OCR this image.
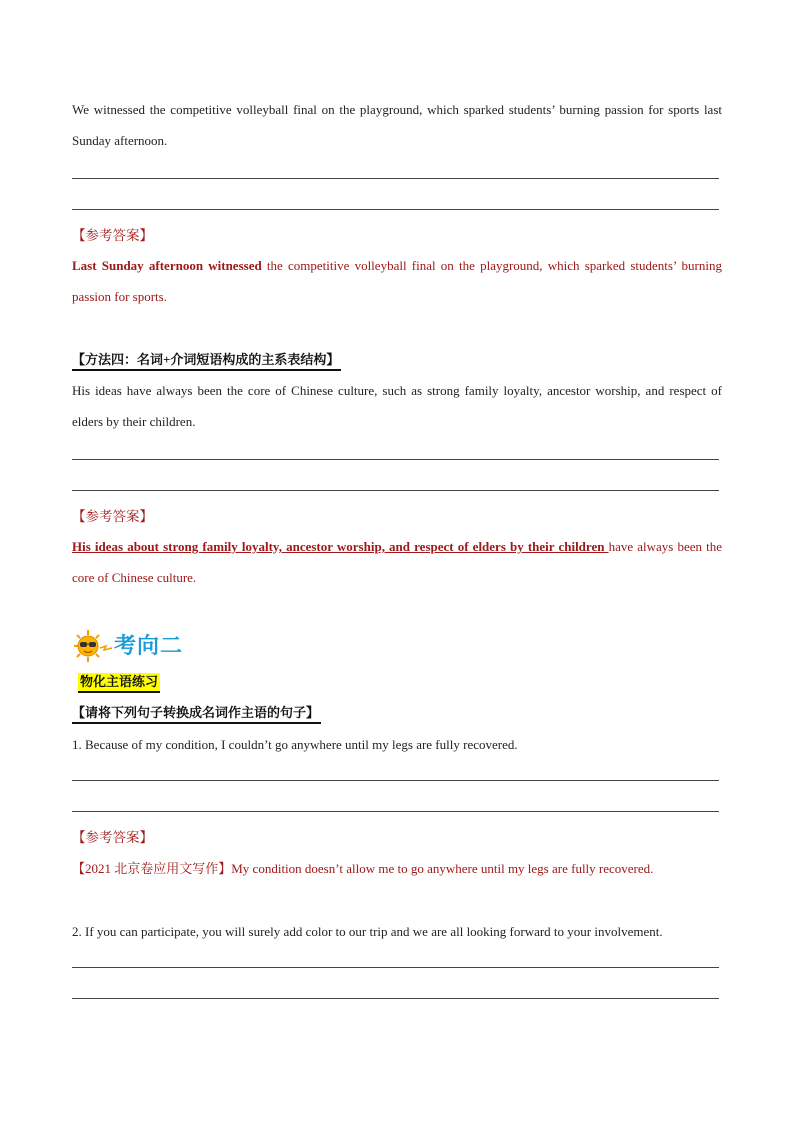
We witnessed the competitive volleyball final on the playground, which sparked students’ burning passion for sports last Sunday afternoon.
【参考答案】
Last Sunday afternoon witnessed the competitive volleyball final on the playground, which sparked students’ burning passion for sports.
【方法四：名词+介词短语构成的主系表结构】
His ideas have always been the core of Chinese culture, such as strong family loyalty, ancestor worship, and respect of elders by their children.
【参考答案】
His ideas about strong family loyalty, ancestor worship, and respect of elders by their children have always been the core of Chinese culture.
考向二
物化主语练习
【请将下列句子转换成名词作主语的句子】
1. Because of my condition, I couldn’t go anywhere until my legs are fully recovered.
【参考答案】
【2021 北京卷应用文写作】My condition doesn’t allow me to go anywhere until my legs are fully recovered.
2. If you can participate, you will surely add color to our trip and we are all looking forward to your involvement.
